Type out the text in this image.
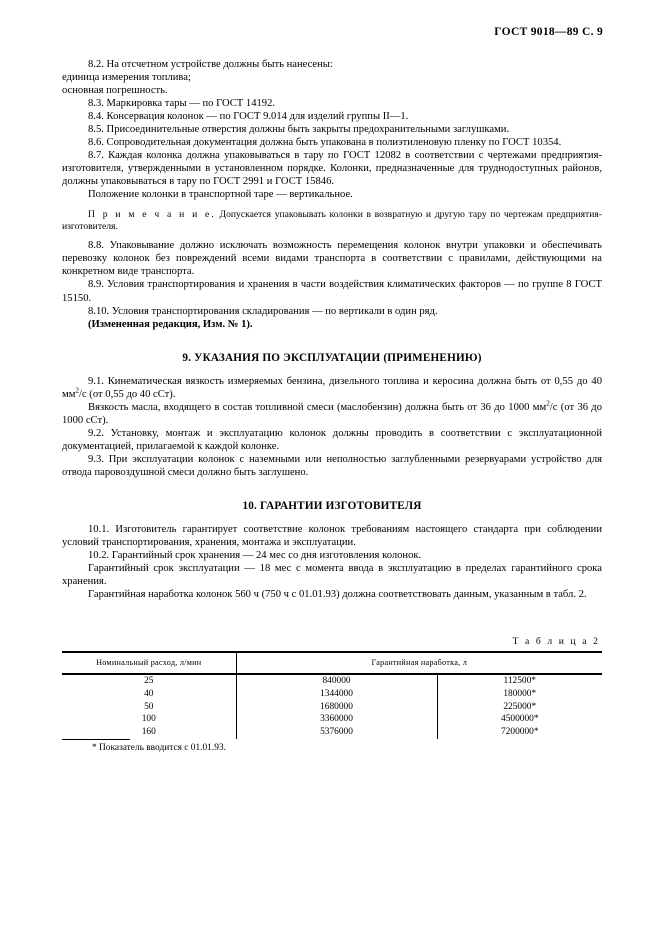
ГОСТ 9018—89 С. 9

8.2. На отсчетном устройстве должны быть нанесены:

единица измерения топлива;

основная погрешность.

8.3. Маркировка тары — по ГОСТ 14192.

8.4. Консервация колонок — по ГОСТ 9.014 для изделий группы II—1.

8.5. Присоединительные отверстия должны быть закрыты предохранительными заглушками.

8.6. Сопроводительная документация должна быть упакована в полиэтиленовую пленку по ГОСТ 10354.

8.7. Каждая колонка должна упаковываться в тару по ГОСТ 12082 в соответствии с чертежами предприятия-изготовителя, утвержденными в установленном порядке. Колонки, предназначенные для труднодоступных районов, должны упаковываться в тару по ГОСТ 2991 и ГОСТ 15846.

Положение колонки в транспортной таре — вертикальное.

П р и м е ч а н и е. Допускается упаковывать колонки в возвратную и другую тару по чертежам предприятия-изготовителя.

8.8. Упаковывание должно исключать возможность перемещения колонок внутри упаковки и обеспечивать перевозку колонок без повреждений всеми видами транспорта в соответствии с правилами, действующими на конкретном виде транспорта.

8.9. Условия транспортирования и хранения в части воздействия климатических факторов — по группе 8 ГОСТ 15150.

8.10. Условия транспортирования складирования — по вертикали в один ряд.

(Измененная редакция, Изм. № 1).

9. УКАЗАНИЯ ПО ЭКСПЛУАТАЦИИ (ПРИМЕНЕНИЮ)

9.1. Кинематическая вязкость измеряемых бензина, дизельного топлива и керосина должна быть от 0,55 до 40 $мм^2/с$ (от 0,55 до 40 сСт).

Вязкость масла, входящего в состав топливной смеси (маслобензин) должна быть от 36 до 1000 $мм^2/с$ (от 36 до 1000 сСт).

9.2. Установку, монтаж и эксплуатацию колонок должны проводить в соответствии с эксплуатационной документацией, прилагаемой к каждой колонке.

9.3. При эксплуатации колонок с наземными или неполностью заглубленными резервуарами устройство для отвода паровоздушной смеси должно быть заглушено.

10. ГАРАНТИИ ИЗГОТОВИТЕЛЯ

10.1. Изготовитель гарантирует соответствие колонок требованиям настоящего стандарта при соблюдении условий транспортирования, хранения, монтажа и эксплуатации.

10.2. Гарантийный срок хранения — 24 мес со дня изготовления колонок.

Гарантийный срок эксплуатации — 18 мес с момента ввода в эксплуатацию в пределах гарантийного срока хранения.

Гарантийная наработка колонок 560 ч (750 ч с 01.01.93) должна соответствовать данным, указанным в табл. 2.

Т а б л и ц а 2
Номинальный расход, л/мин	Гарантийная наработка, л
25	840000	112500*
40	1344000	180000*
50	1680000	225000*
100	3360000	4500000*
160	5376000	7200000*
* Показатель вводится с 01.01.93.
